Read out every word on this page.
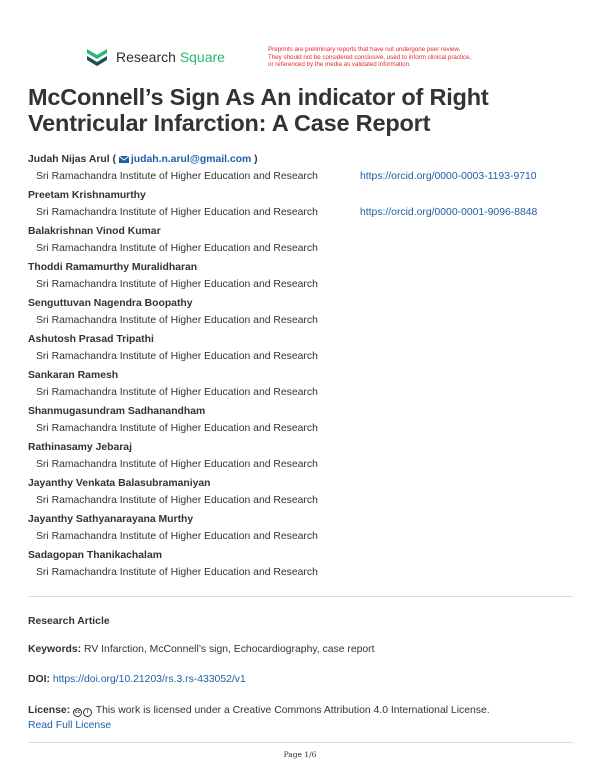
Research Square	Preprints are preliminary reports that have not undergone peer review.
They should not be considered conclusive, used to inform clinical practice,
or referenced by the media as validated information.
McConnell’s Sign As An indicator of Right Ventricular Infarction: A Case Report
Judah Nijas Arul ( judah.n.arul@gmail.com )
Sri Ramachandra Institute of Higher Education and Research	https://orcid.org/0000-0003-1193-9710
Preetam Krishnamurthy
Sri Ramachandra Institute of Higher Education and Research	https://orcid.org/0000-0001-9096-8848
Balakrishnan Vinod Kumar
Sri Ramachandra Institute of Higher Education and Research
Thoddi Ramamurthy Muralidharan
Sri Ramachandra Institute of Higher Education and Research
Senguttuvan Nagendra Boopathy
Sri Ramachandra Institute of Higher Education and Research
Ashutosh Prasad Tripathi
Sri Ramachandra Institute of Higher Education and Research
Sankaran Ramesh
Sri Ramachandra Institute of Higher Education and Research
Shanmugasundram Sadhanandham
Sri Ramachandra Institute of Higher Education and Research
Rathinasamy Jebaraj
Sri Ramachandra Institute of Higher Education and Research
Jayanthy Venkata Balasubramaniyan
Sri Ramachandra Institute of Higher Education and Research
Jayanthy Sathyanarayana Murthy
Sri Ramachandra Institute of Higher Education and Research
Sadagopan Thanikachalam
Sri Ramachandra Institute of Higher Education and Research
Research Article
Keywords: RV Infarction, McConnell’s sign, Echocardiography, case report
DOI: https://doi.org/10.21203/rs.3.rs-433052/v1
License: cc i This work is licensed under a Creative Commons Attribution 4.0 International License.
Read Full License
Page 1/6
